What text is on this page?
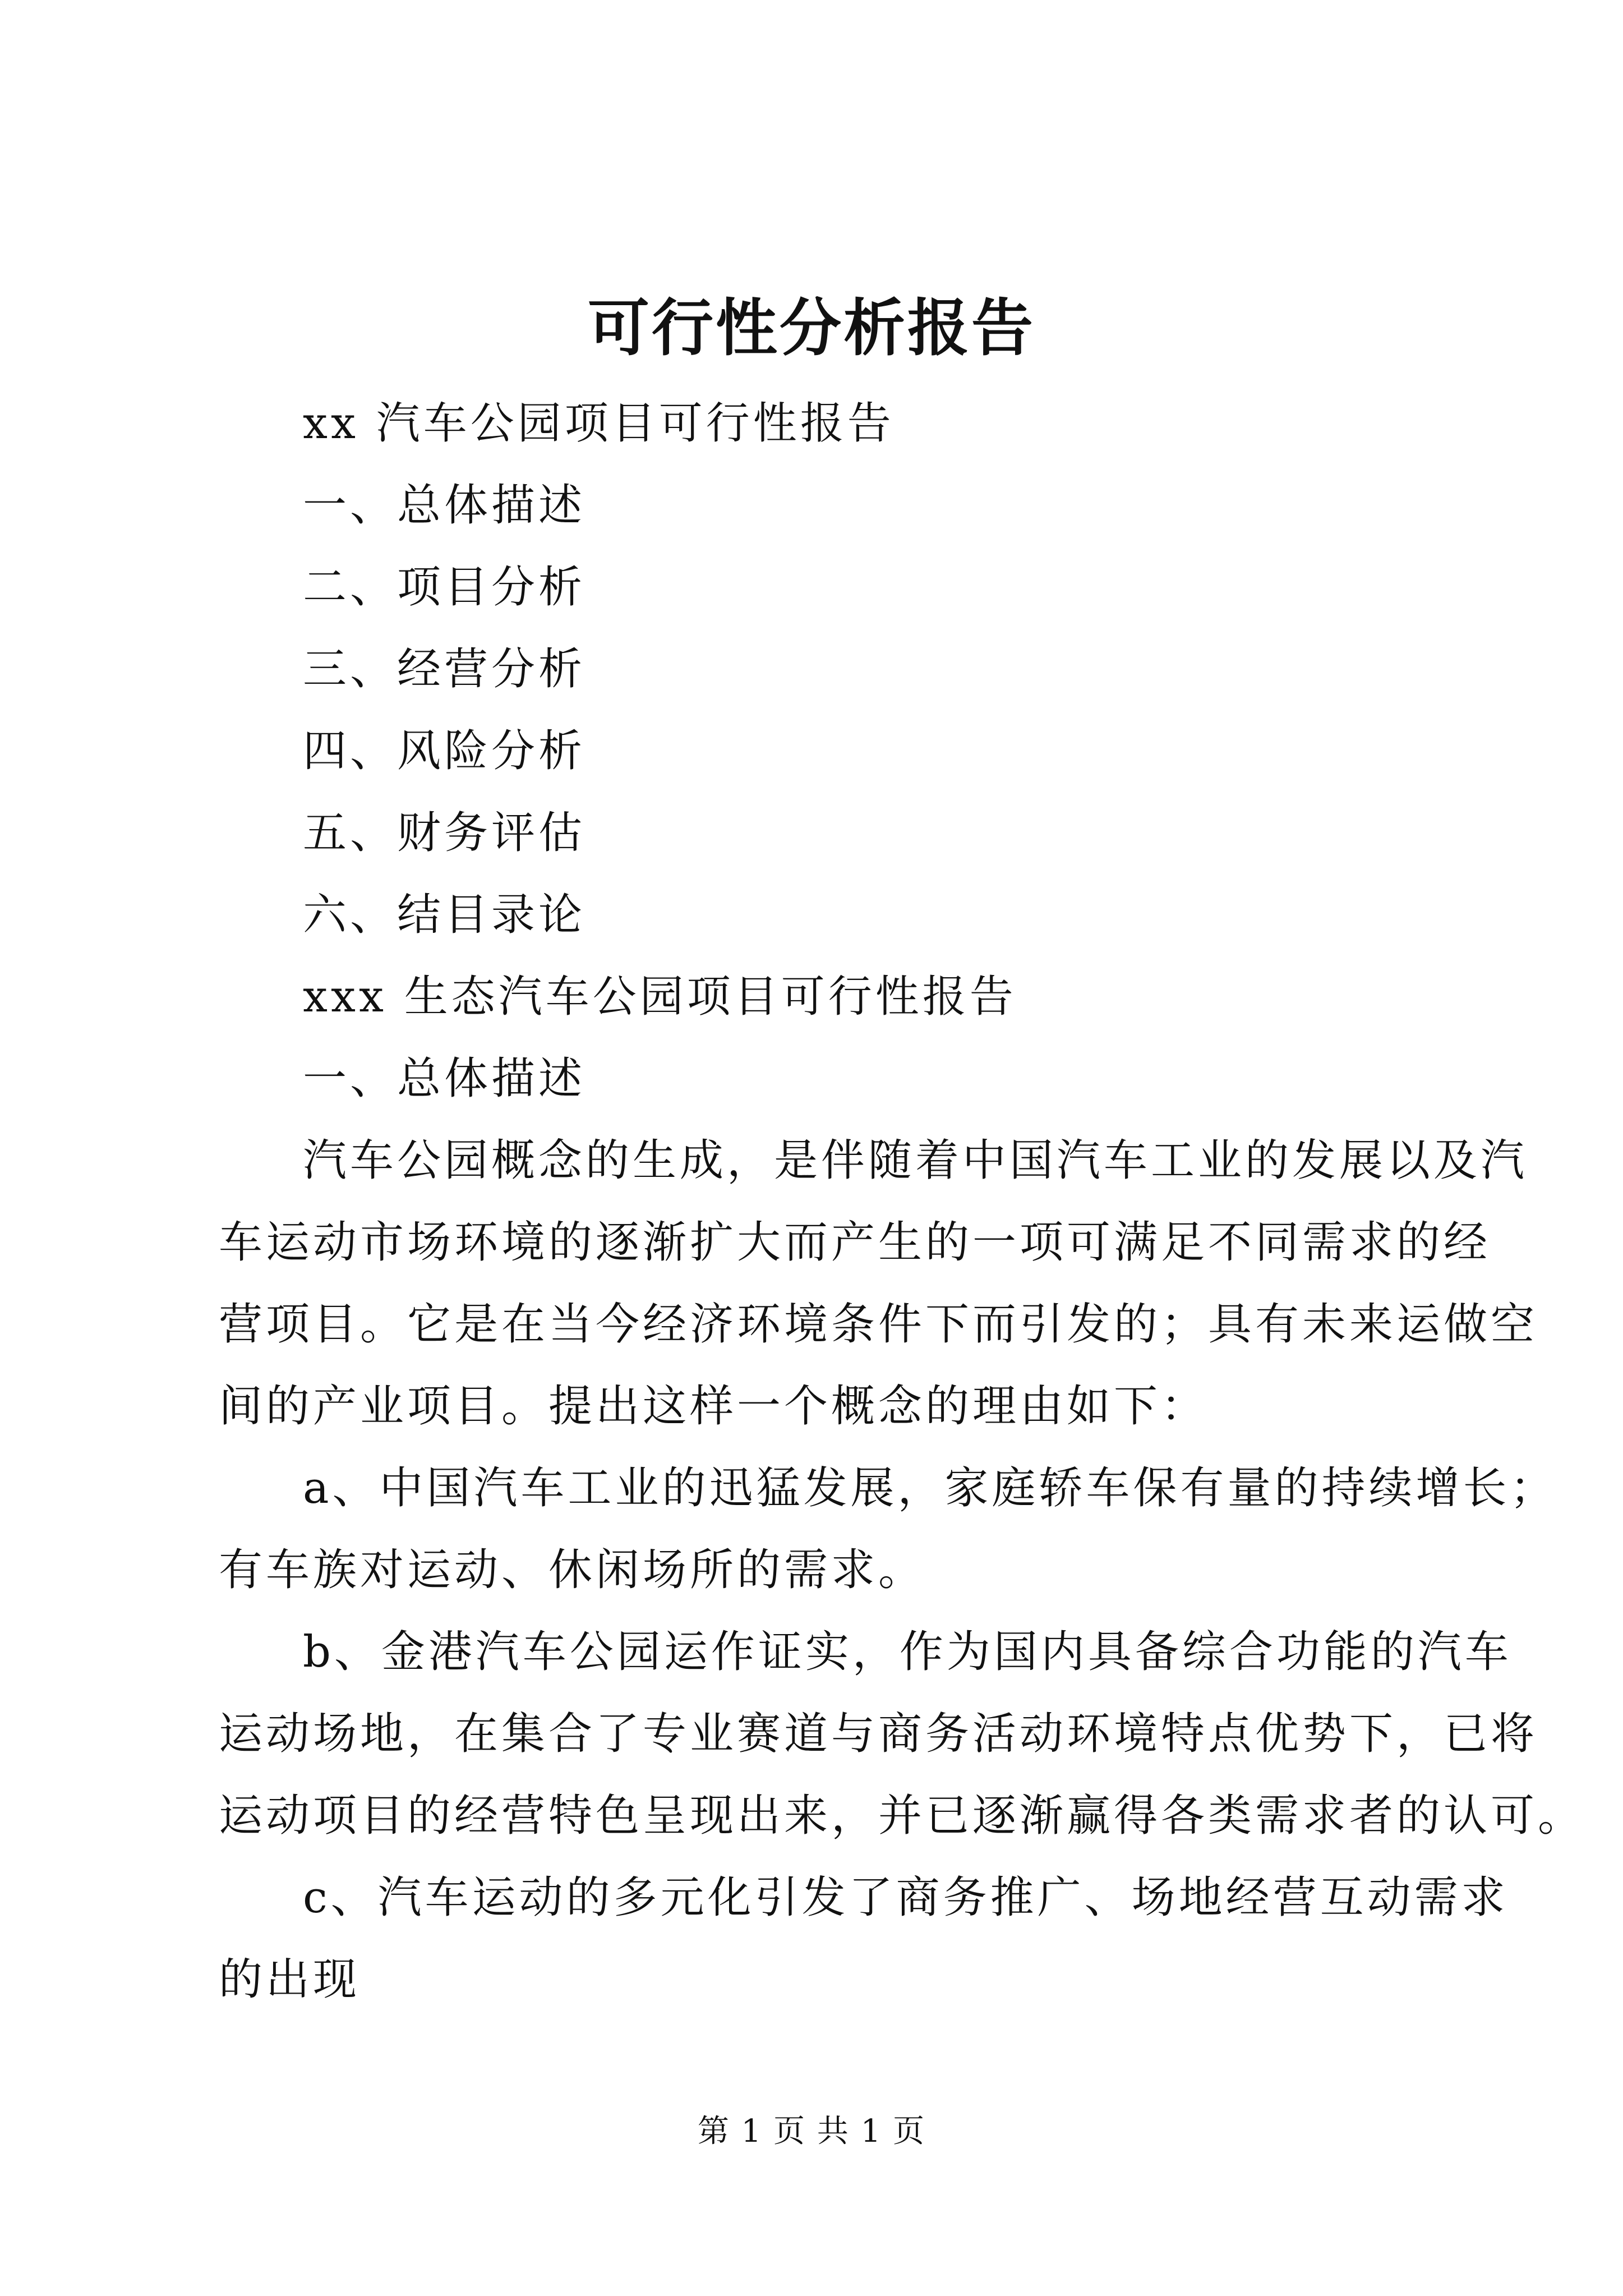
可行性分析报告
xx 汽车公园项目可行性报告
一、总体描述
二、项目分析
三、经营分析
四、风险分析
五、财务评估
六、结目录论
xxx 生态汽车公园项目可行性报告
一、总体描述
汽车公园概念的生成，是伴随着中国汽车工业的发展以及汽
车运动市场环境的逐渐扩大而产生的一项可满足不同需求的经
营项目。它是在当今经济环境条件下而引发的；具有未来运做空
间的产业项目。提出这样一个概念的理由如下：
a、中国汽车工业的迅猛发展，家庭轿车保有量的持续增长；
有车族对运动、休闲场所的需求。
b、金港汽车公园运作证实，作为国内具备综合功能的汽车
运动场地，在集合了专业赛道与商务活动环境特点优势下，已将
运动项目的经营特色呈现出来，并已逐渐赢得各类需求者的认可。
c、汽车运动的多元化引发了商务推广、场地经营互动需求
的出现
第 1 页 共 1 页
